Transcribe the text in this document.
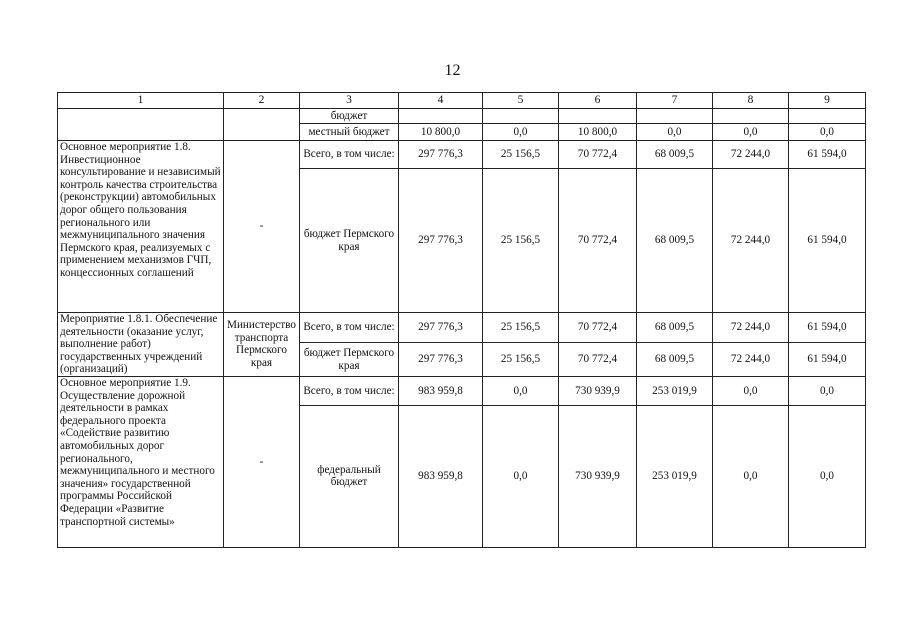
12
1	2	3	4	5	6	7	8	9
		бюджет						
		местный бюджет	10 800,0	0,0	10 800,0	0,0	0,0	0,0
Основное мероприятие 1.8. Инвестиционное консультирование и независимый контроль качества строительства (реконструкции) автомобильных дорог общего пользования регионального или межмуниципального значения Пермского края, реализуемых с применением механизмов ГЧП, концессионных соглашений	-	Всего, в том числе:	297 776,3	25 156,5	70 772,4	68 009,5	72 244,0	61 594,0
		бюджет Пермского края	297 776,3	25 156,5	70 772,4	68 009,5	72 244,0	61 594,0
Мероприятие 1.8.1. Обеспечение деятельности (оказание услуг, выполнение работ) государственных учреждений (организаций)	Министерство транспорта Пермского края	Всего, в том числе:	297 776,3	25 156,5	70 772,4	68 009,5	72 244,0	61 594,0
		бюджет Пермского края	297 776,3	25 156,5	70 772,4	68 009,5	72 244,0	61 594,0
Основное мероприятие 1.9. Осуществление дорожной деятельности в рамках федерального проекта «Содействие развитию автомобильных дорог регионального, межмуниципального и местного значения» государственной программы Российской Федерации «Развитие транспортной системы»	-	Всего, в том числе:	983 959,8	0,0	730 939,9	253 019,9	0,0	0,0
		федеральный бюджет	983 959,8	0,0	730 939,9	253 019,9	0,0	0,0
